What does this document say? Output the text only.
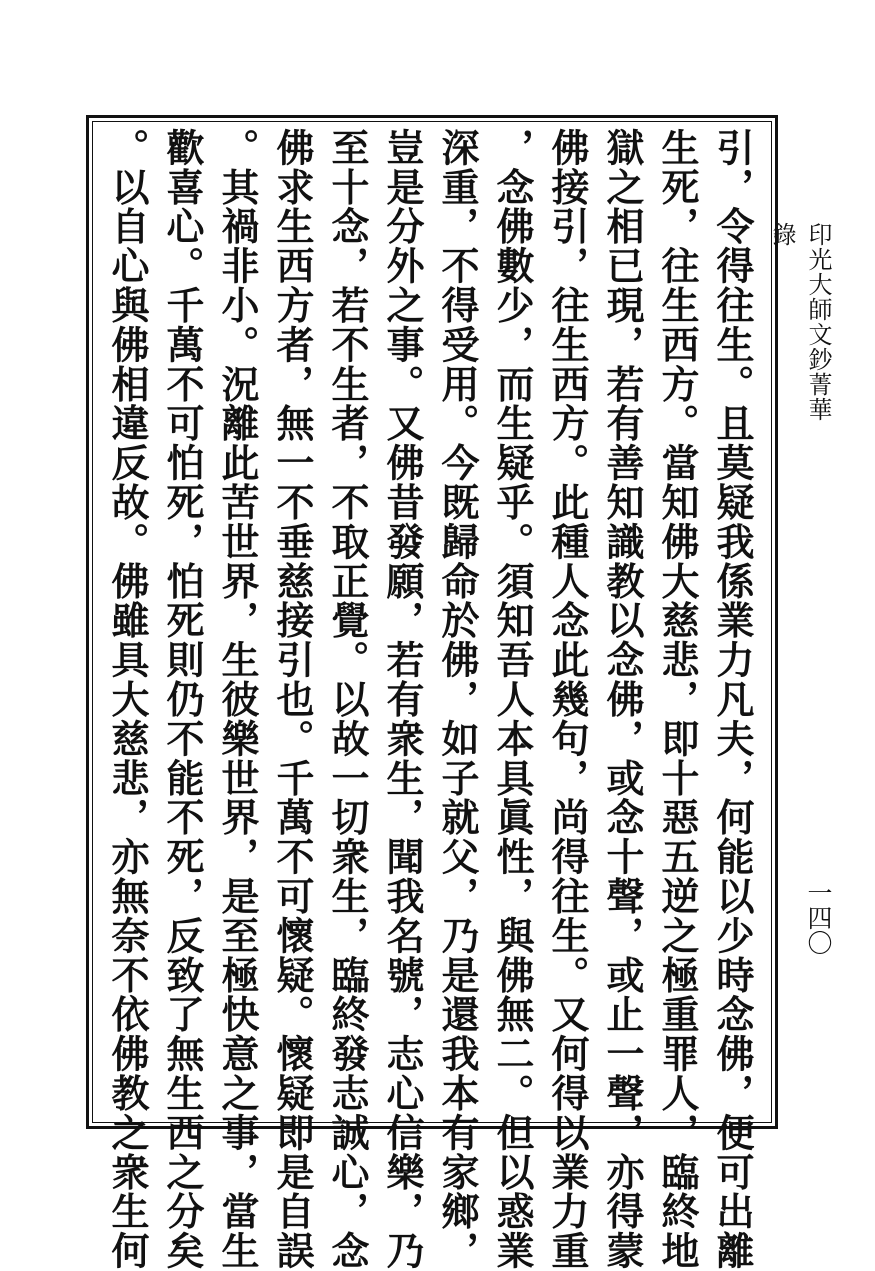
印光大師文鈔菁華錄
一四〇

引，令得往生。且莫疑我係業力凡夫，何能以少時念佛，便可出離

生死，往生西方。當知佛大慈悲，即十惡五逆之極重罪人，臨終地

獄之相已現，若有善知識教以念佛，或念十聲，或止一聲，亦得蒙

佛接引，往生西方。此種人念此幾句，尚得往生。又何得以業力重

，念佛數少，而生疑乎。須知吾人本具眞性，與佛無二。但以惑業

深重，不得受用。今既歸命於佛，如子就父，乃是還我本有家鄉，

豈是分外之事。又佛昔發願，若有衆生，聞我名號，志心信樂，乃

至十念，若不生者，不取正覺。以故一切衆生，臨終發志誠心，念

佛求生西方者，無一不垂慈接引也。千萬不可懷疑。懷疑即是自誤

。其禍非小。況離此苦世界，生彼樂世界，是至極快意之事，當生

歡喜心。千萬不可怕死，怕死則仍不能不死，反致了無生西之分矣

。以自心與佛相違反故。佛雖具大慈悲，亦無奈不依佛教之衆生何
